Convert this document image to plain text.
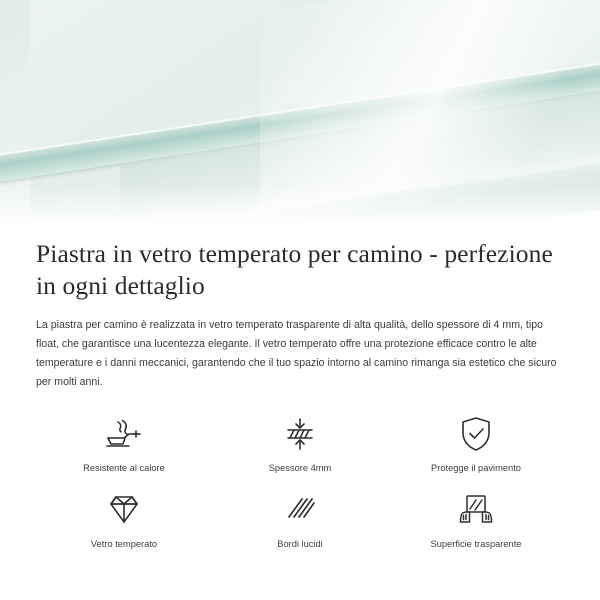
Piastra in vetro temperato per camino - perfezione in ogni dettaglio

La piastra per camino è realizzata in vetro temperato trasparente di alta qualità, dello spessore di 4 mm, tipo float, che garantisce una lucentezza elegante. Il vetro temperato offre una protezione efficace contro le alte temperature e i danni meccanici, garantendo che il tuo spazio intorno al camino rimanga sia estetico che sicuro per molti anni.

Resistente al calore	Spessore 4mm	Protegge il pavimento
Vetro temperato	Bordi lucidi	Superficie trasparente
